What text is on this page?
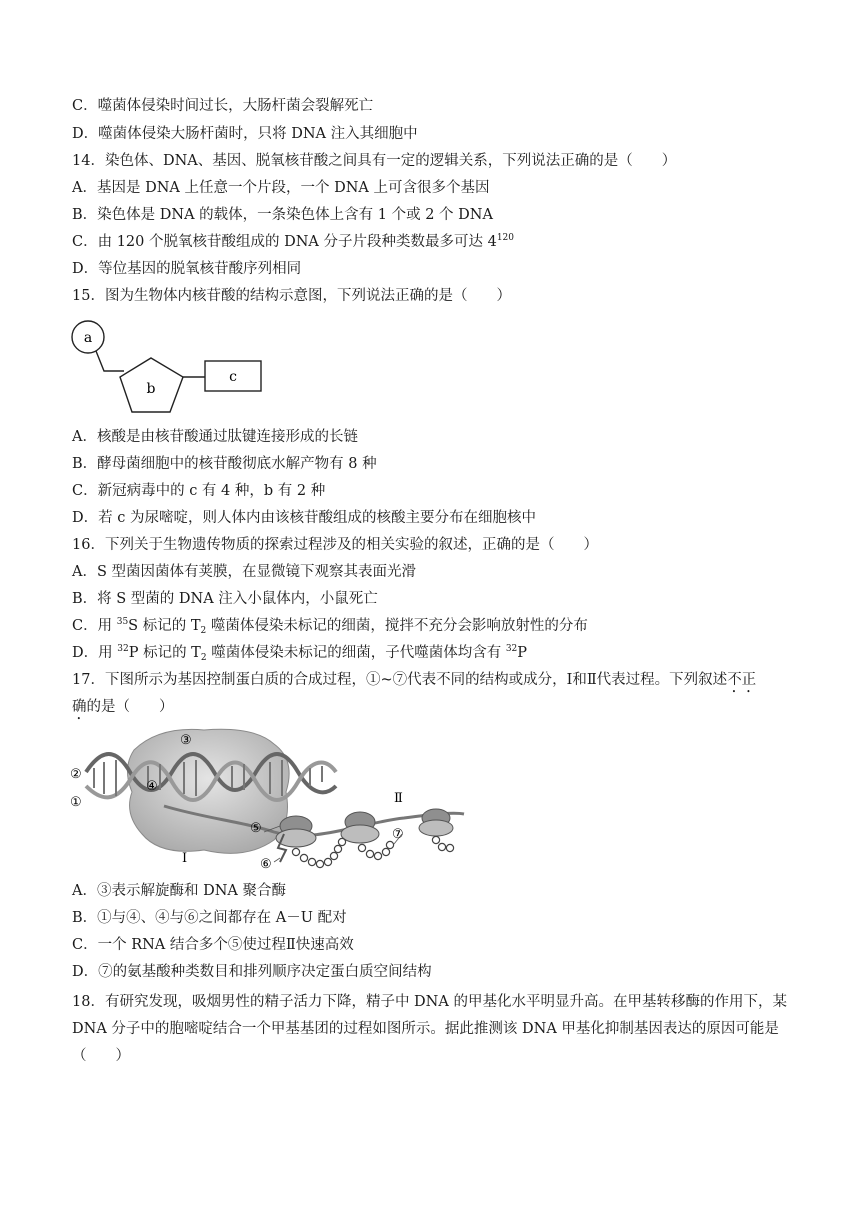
C．噬菌体侵染时间过长，大肠杆菌会裂解死亡
D．噬菌体侵染大肠杆菌时，只将 DNA 注入其细胞中
14．染色体、DNA、基因、脱氧核苷酸之间具有一定的逻辑关系，下列说法正确的是（　　）
A．基因是 DNA 上任意一个片段，一个 DNA 上可含很多个基因
B．染色体是 DNA 的载体，一条染色体上含有 1 个或 2 个 DNA
C．由 120 个脱氧核苷酸组成的 DNA 分子片段种类数最多可达 $4^{120}$
D．等位基因的脱氧核苷酸序列相同
15．图为生物体内核苷酸的结构示意图，下列说法正确的是（　　）
a
b
c
A．核酸是由核苷酸通过肽键连接形成的长链
B．酵母菌细胞中的核苷酸彻底水解产物有 8 种
C．新冠病毒中的 c 有 4 种，b 有 2 种
D．若 c 为尿嘧啶，则人体内由该核苷酸组成的核酸主要分布在细胞核中
16．下列关于生物遗传物质的探索过程涉及的相关实验的叙述，正确的是（　　）
A．S 型菌因菌体有荚膜，在显微镜下观察其表面光滑
B．将 S 型菌的 DNA 注入小鼠体内，小鼠死亡
C．用 $^{35}$S 标记的 $T_2$ 噬菌体侵染未标记的细菌，搅拌不充分会影响放射性的分布
D．用 $^{32}$P 标记的 $T_2$ 噬菌体侵染未标记的细菌，子代噬菌体均含有 $^{32}$P
17．下图所示为基因控制蛋白质的合成过程，①~⑦代表不同的结构或成分，Ⅰ和Ⅱ代表过程。下列叙述不正
确的是（　　）
①
②
③
④
⑤
⑥
⑦
Ⅰ
Ⅱ
A．③表示解旋酶和 DNA 聚合酶
B．①与④、④与⑥之间都存在 A－U 配对
C．一个 RNA 结合多个⑤使过程Ⅱ快速高效
D．⑦的氨基酸种类数目和排列顺序决定蛋白质空间结构
18．有研究发现，吸烟男性的精子活力下降，精子中 DNA 的甲基化水平明显升高。在甲基转移酶的作用下，某 DNA 分子中的胞嘧啶结合一个甲基基团的过程如图所示。据此推测该 DNA 甲基化抑制基因表达的原因可能是（　　）
